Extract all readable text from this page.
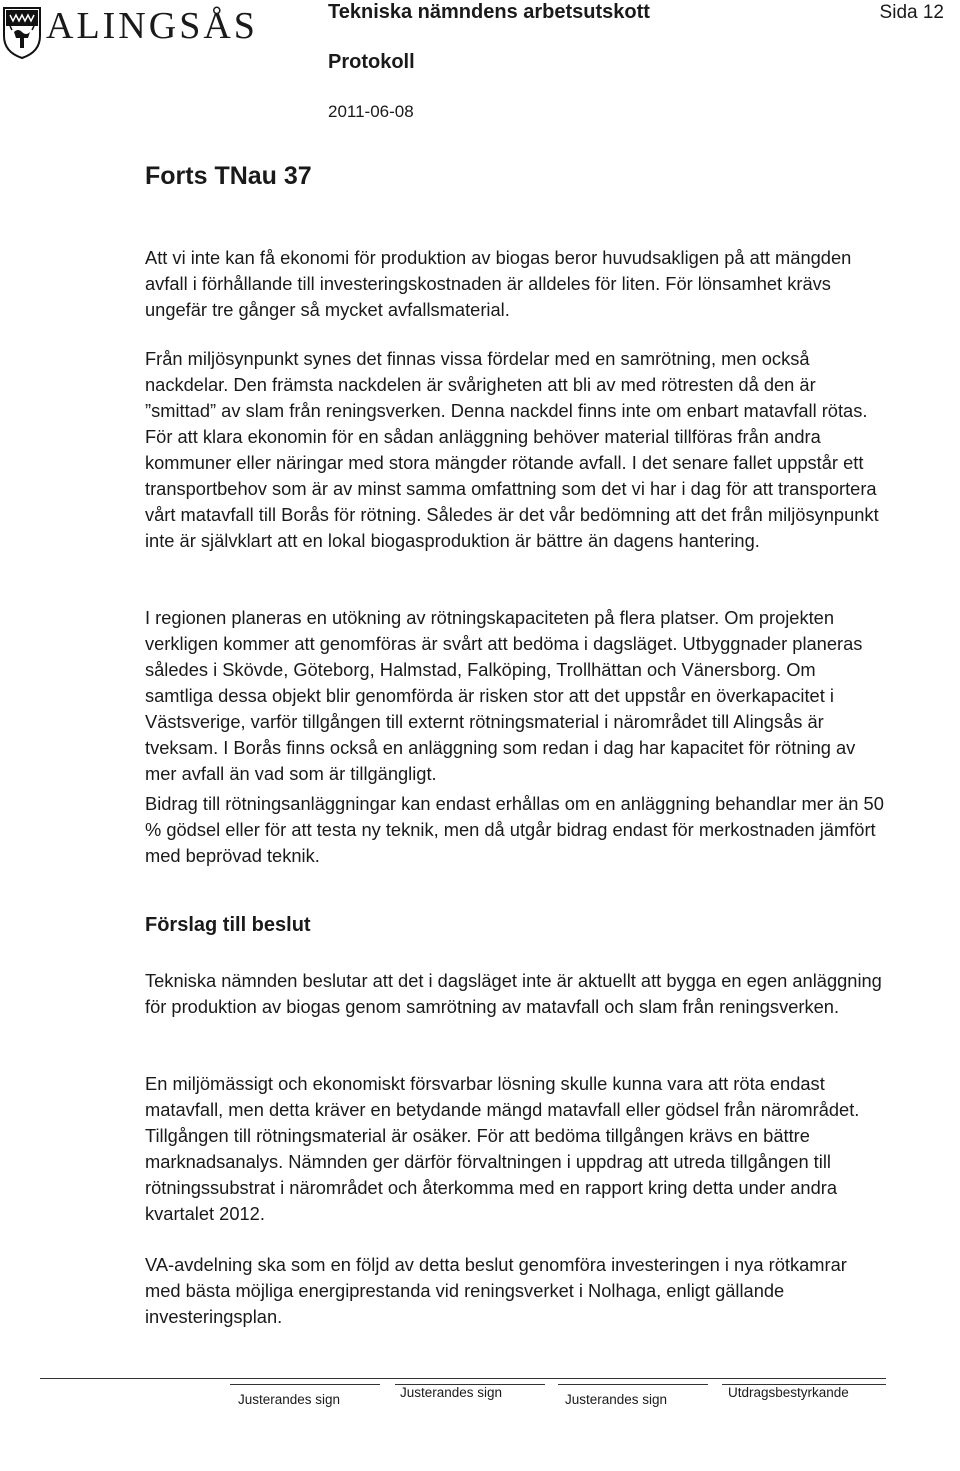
ALINGSÅS	Tekniska nämndens arbetsutskott	Sida 12
Protokoll
2011-06-08
Forts TNau 37

Att vi inte kan få ekonomi för produktion av biogas beror huvudsakligen på att mängden avfall i förhållande till investeringskostnaden är alldeles för liten. För lönsamhet krävs ungefär tre gånger så mycket avfallsmaterial.

Från miljösynpunkt synes det finnas vissa fördelar med en samrötning, men också nackdelar. Den främsta nackdelen är svårigheten att bli av med rötresten då den är ”smittad” av slam från reningsverken. Denna nackdel finns inte om enbart matavfall rötas. För att klara ekonomin för en sådan anläggning behöver material tillföras från andra kommuner eller näringar med stora mängder rötande avfall. I det senare fallet uppstår ett transportbehov som är av minst samma omfattning som det vi har i dag för att transportera vårt matavfall till Borås för rötning. Således är det vår bedömning att det från miljösynpunkt inte är självklart att en lokal biogasproduktion är bättre än dagens hantering.

I regionen planeras en utökning av rötningskapaciteten på flera platser. Om projekten verkligen kommer att genomföras är svårt att bedöma i dagsläget. Utbyggnader planeras således i Skövde, Göteborg, Halmstad, Falköping, Trollhättan och Vänersborg. Om samtliga dessa objekt blir genomförda är risken stor att det uppstår en överkapacitet i Västsverige, varför tillgången till externt rötningsmaterial i närområdet till Alingsås är tveksam. I Borås finns också en anläggning som redan i dag har kapacitet för rötning av mer avfall än vad som är tillgängligt.

Bidrag till rötningsanläggningar kan endast erhållas om en anläggning behandlar mer än 50 % gödsel eller för att testa ny teknik, men då utgår bidrag endast för merkostnaden jämfört med beprövad teknik.

Förslag till beslut

Tekniska nämnden beslutar att det i dagsläget inte är aktuellt att bygga en egen anläggning för produktion av biogas genom samrötning av matavfall och slam från reningsverken.

En miljömässigt och ekonomiskt försvarbar lösning skulle kunna vara att röta endast matavfall, men detta kräver en betydande mängd matavfall eller gödsel från närområdet. Tillgången till rötningsmaterial är osäker. För att bedöma tillgången krävs en bättre marknadsanalys. Nämnden ger därför förvaltningen i uppdrag att utreda tillgången till rötningssubstrat i närområdet och återkomma med en rapport kring detta under andra kvartalet 2012.

VA-avdelning ska som en följd av detta beslut genomföra investeringen i nya rötkamrar med bästa möjliga energiprestanda vid reningsverket i Nolhaga, enligt gällande investeringsplan.

Justerandes sign	Justerandes sign	Justerandes sign	Utdragsbestyrkande
